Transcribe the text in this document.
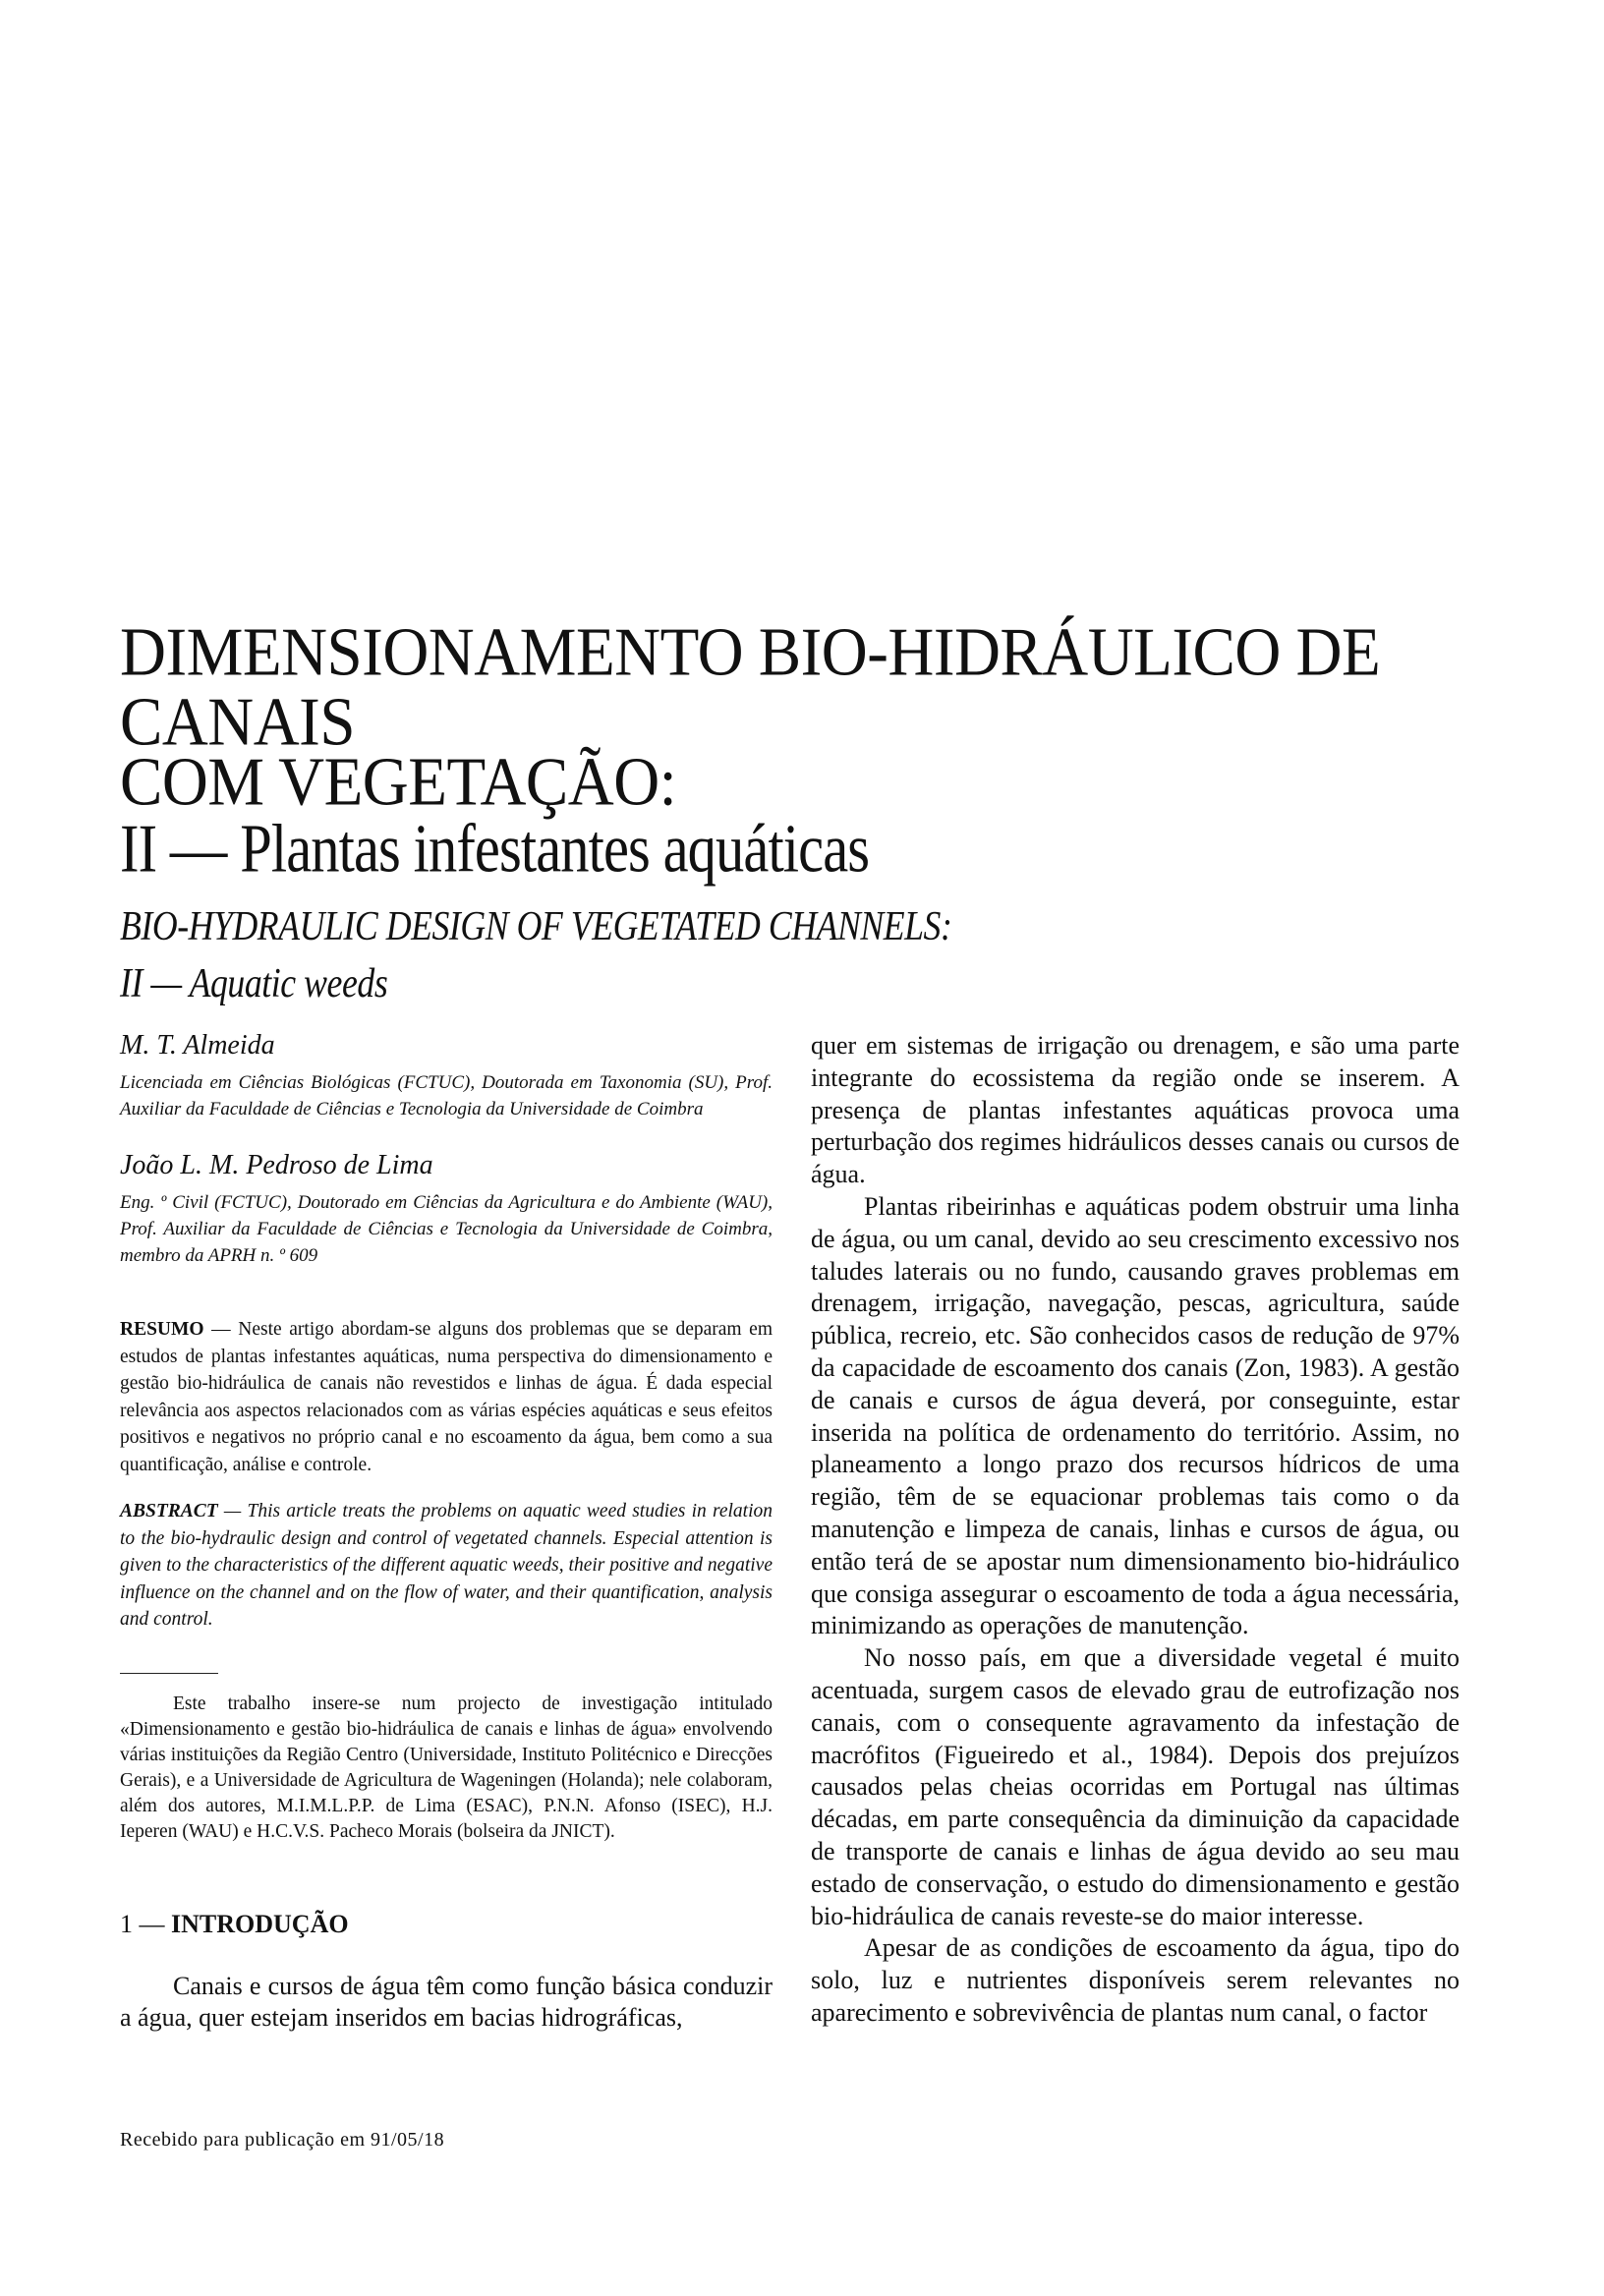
DIMENSIONAMENTO BIO-HIDRÁULICO DE CANAIS
COM VEGETAÇÃO:
II — Plantas infestantes aquáticas
BIO-HYDRAULIC DESIGN OF VEGETATED CHANNELS:
II — Aquatic weeds

M. T. Almeida

Licenciada em Ciências Biológicas (FCTUC), Doutorada em Taxonomia (SU), Prof. Auxiliar da Faculdade de Ciências e Tecnologia da Universidade de Coimbra

João L. M. Pedroso de Lima

Eng. º Civil (FCTUC), Doutorado em Ciências da Agricultura e do Ambiente (WAU), Prof. Auxiliar da Faculdade de Ciências e Tecnologia da Universidade de Coimbra, membro da APRH n. º 609

RESUMO — Neste artigo abordam-se alguns dos problemas que se deparam em estudos de plantas infestantes aquáticas, numa perspectiva do dimensionamento e gestão bio-hidráulica de canais não revestidos e linhas de água. É dada especial relevância aos aspectos relacionados com as várias espécies aquáticas e seus efeitos positivos e negativos no próprio canal e no escoamento da água, bem como a sua quantificação, análise e controle.
ABSTRACT — This article treats the problems on aquatic weed studies in relation to the bio-hydraulic design and control of vegetated channels. Especial attention is given to the characteristics of the different aquatic weeds, their positive and negative influence on the channel and on the flow of water, and their quantification, analysis and control.

Este trabalho insere-se num projecto de investigação intitulado «Dimensionamento e gestão bio-hidráulica de canais e linhas de água» envolvendo várias instituições da Região Centro (Universidade, Instituto Politécnico e Direcções Gerais), e a Universidade de Agricultura de Wageningen (Holanda); nele colaboram, além dos autores, M.I.M.L.P.P. de Lima (ESAC), P.N.N. Afonso (ISEC), H.J. Ieperen (WAU) e H.C.V.S. Pacheco Morais (bolseira da JNICT).

1 — INTRODUÇÃO

Canais e cursos de água têm como função básica conduzir a água, quer estejam inseridos em bacias hidrográficas,

Recebido para publicação em 91/05/18

quer em sistemas de irrigação ou drenagem, e são uma parte integrante do ecossistema da região onde se inserem. A presença de plantas infestantes aquáticas provoca uma perturbação dos regimes hidráulicos desses canais ou cursos de água.

Plantas ribeirinhas e aquáticas podem obstruir uma linha de água, ou um canal, devido ao seu crescimento excessivo nos taludes laterais ou no fundo, causando graves problemas em drenagem, irrigação, navegação, pescas, agricultura, saúde pública, recreio, etc. São conhecidos casos de redução de 97% da capacidade de escoamento dos canais (Zon, 1983). A gestão de canais e cursos de água deverá, por conseguinte, estar inserida na política de ordenamento do território. Assim, no planeamento a longo prazo dos recursos hídricos de uma região, têm de se equacionar problemas tais como o da manutenção e limpeza de canais, linhas e cursos de água, ou então terá de se apostar num dimensionamento bio-hidráulico que consiga assegurar o escoamento de toda a água necessária, minimizando as operações de manutenção.

No nosso país, em que a diversidade vegetal é muito acentuada, surgem casos de elevado grau de eutrofização nos canais, com o consequente agravamento da infestação de macrófitos (Figueiredo et al., 1984). Depois dos prejuízos causados pelas cheias ocorridas em Portugal nas últimas décadas, em parte consequência da diminuição da capacidade de transporte de canais e linhas de água devido ao seu mau estado de conservação, o estudo do dimensionamento e gestão bio-hidráulica de canais reveste-se do maior interesse.

Apesar de as condições de escoamento da água, tipo do solo, luz e nutrientes disponíveis serem relevantes no aparecimento e sobrevivência de plantas num canal, o factor
